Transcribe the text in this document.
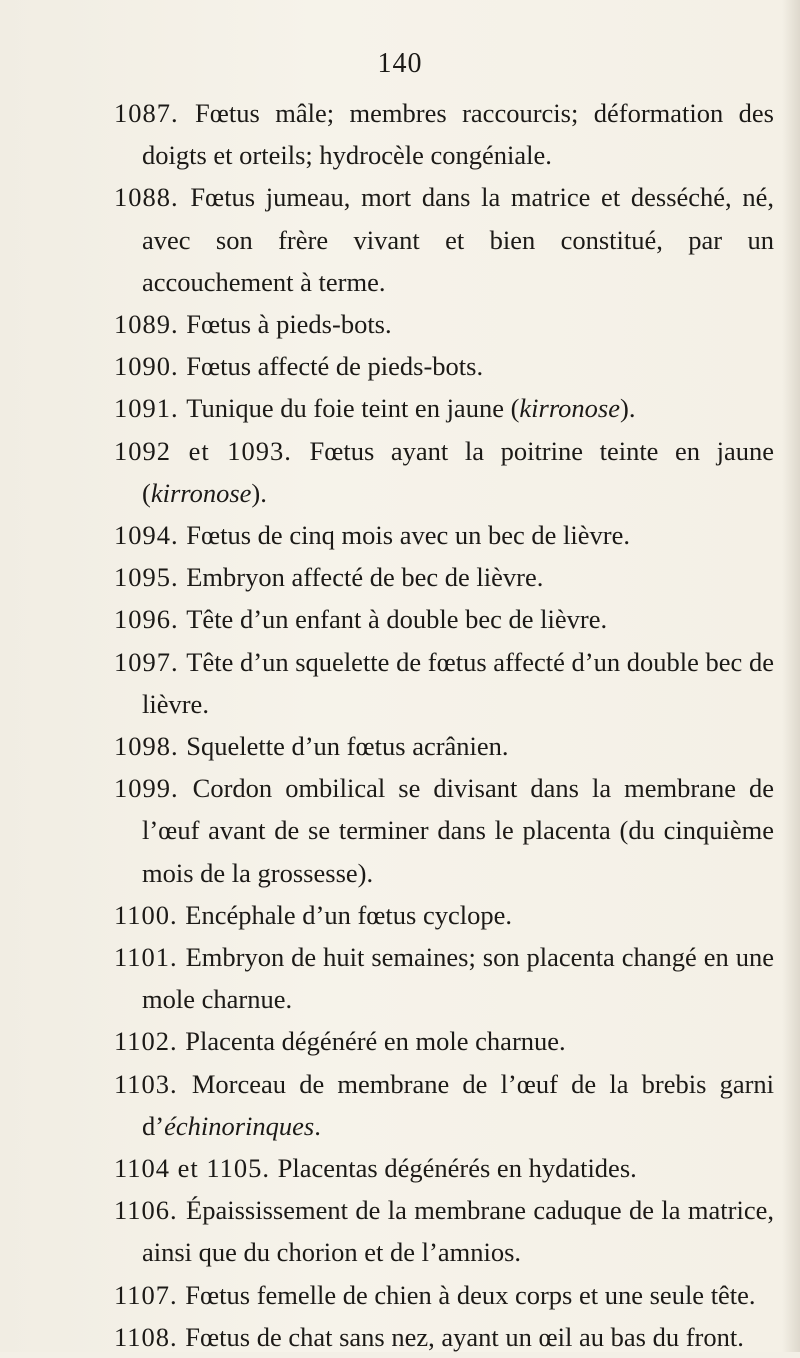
140

1087. Fœtus mâle; membres raccourcis; déformation des doigts et orteils; hydrocèle congéniale.

1088. Fœtus jumeau, mort dans la matrice et desséché, né, avec son frère vivant et bien constitué, par un accouchement à terme.

1089. Fœtus à pieds-bots.

1090. Fœtus affecté de pieds-bots.

1091. Tunique du foie teint en jaune (kirronose).

1092 et 1093. Fœtus ayant la poitrine teinte en jaune (kirronose).

1094. Fœtus de cinq mois avec un bec de lièvre.

1095. Embryon affecté de bec de lièvre.

1096. Tête d’un enfant à double bec de lièvre.

1097. Tête d’un squelette de fœtus affecté d’un double bec de lièvre.

1098. Squelette d’un fœtus acrânien.

1099. Cordon ombilical se divisant dans la membrane de l’œuf avant de se terminer dans le placenta (du cinquième mois de la grossesse).

1100. Encéphale d’un fœtus cyclope.

1101. Embryon de huit semaines; son placenta changé en une mole charnue.

1102. Placenta dégénéré en mole charnue.

1103. Morceau de membrane de l’œuf de la brebis garni d’échinorinques.

1104 et 1105. Placentas dégénérés en hydatides.

1106. Épaississement de la membrane caduque de la matrice, ainsi que du chorion et de l’amnios.

1107. Fœtus femelle de chien à deux corps et une seule tête.

1108. Fœtus de chat sans nez, ayant un œil au bas du front.
